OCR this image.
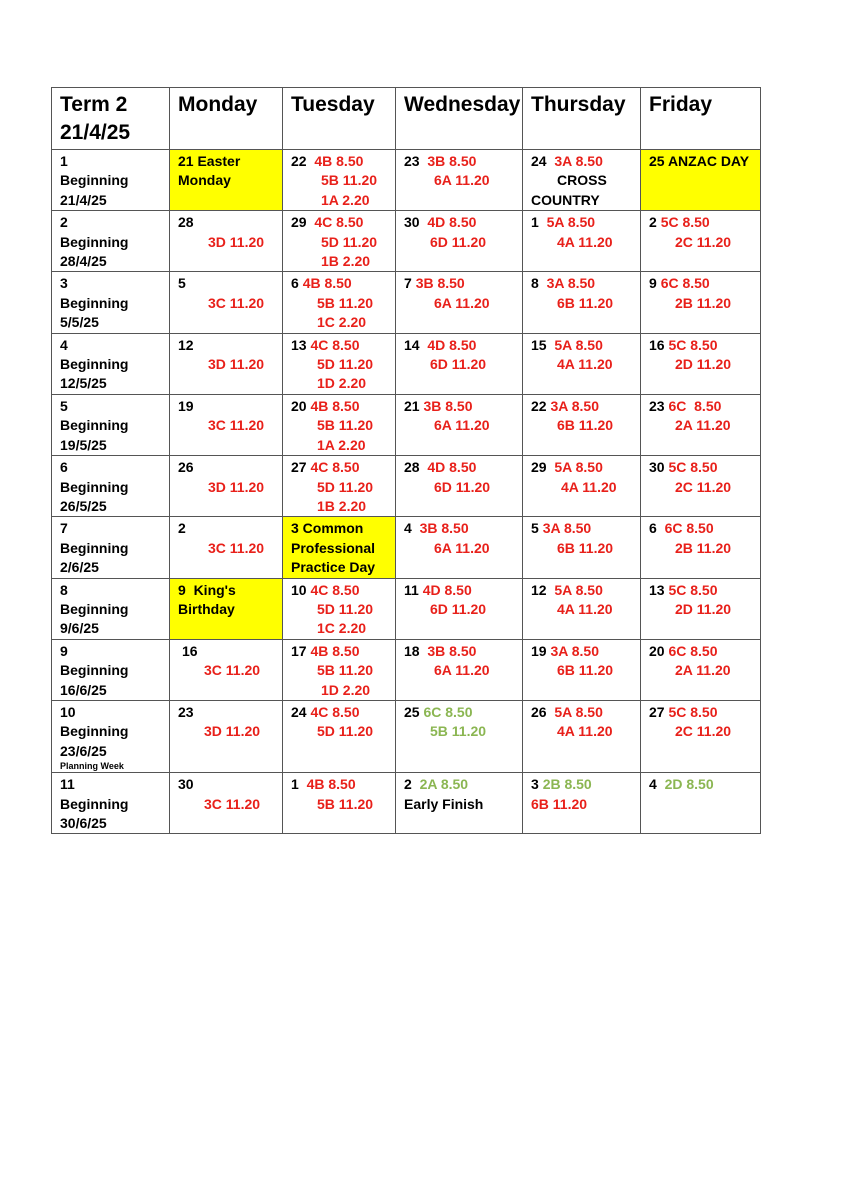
Term 2
21/4/25	Monday	Tuesday	Wednesday	Thursday	Friday

1
Beginning
21/4/25	21 Easter
Monday	22 4B 8.50
5B 11.20
1A 2.20	23 3B 8.50
6A 11.20	24 3A 8.50
CROSS
COUNTRY	25 ANZAC DAY

2
Beginning
28/4/25	28
3D 11.20	29 4C 8.50
5D 11.20
1B 2.20	30 4D 8.50
6D 11.20	1 5A 8.50
4A 11.20	2 5C 8.50
2C 11.20

3
Beginning
5/5/25	5
3C 11.20	6 4B 8.50
5B 11.20
1C 2.20	7 3B 8.50
6A 11.20	8 3A 8.50
6B 11.20	9 6C 8.50
2B 11.20

4
Beginning
12/5/25	12
3D 11.20	13 4C 8.50
5D 11.20
1D 2.20	14 4D 8.50
6D 11.20	15 5A 8.50
4A 11.20	16 5C 8.50
2D 11.20

5
Beginning
19/5/25	19
3C 11.20	20 4B 8.50
5B 11.20
1A 2.20	21 3B 8.50
6A 11.20	22 3A 8.50
6B 11.20	23 6C  8.50
2A 11.20

6
Beginning
26/5/25	26
3D 11.20	27 4C 8.50
5D 11.20
1B 2.20	28 4D 8.50
6D 11.20	29 5A 8.50
4A 11.20	30 5C 8.50
2C 11.20

7
Beginning
2/6/25	2
3C 11.20	3 Common
Professional
Practice Day	4 3B 8.50
6A 11.20	5 3A 8.50
6B 11.20	6 6C 8.50
2B 11.20

8
Beginning
9/6/25	9  King's
Birthday	10 4C 8.50
5D 11.20
1C 2.20	11 4D 8.50
6D 11.20	12 5A 8.50
4A 11.20	13 5C 8.50
2D 11.20

9
Beginning
16/6/25	16
3C 11.20	17 4B 8.50
5B 11.20
1D 2.20	18 3B 8.50
6A 11.20	19 3A 8.50
6B 11.20	20 6C 8.50
2A 11.20

10
Beginning
23/6/25
Planning Week	23
3D 11.20	24 4C 8.50
5D 11.20	25 6C 8.50
5B 11.20	26 5A 8.50
4A 11.20	27 5C 8.50
2C 11.20

11
Beginning
30/6/25	30
3C 11.20	1 4B 8.50
5B 11.20	2 2A 8.50
Early Finish	3 2B 8.50
6B 11.20	4 2D 8.50
